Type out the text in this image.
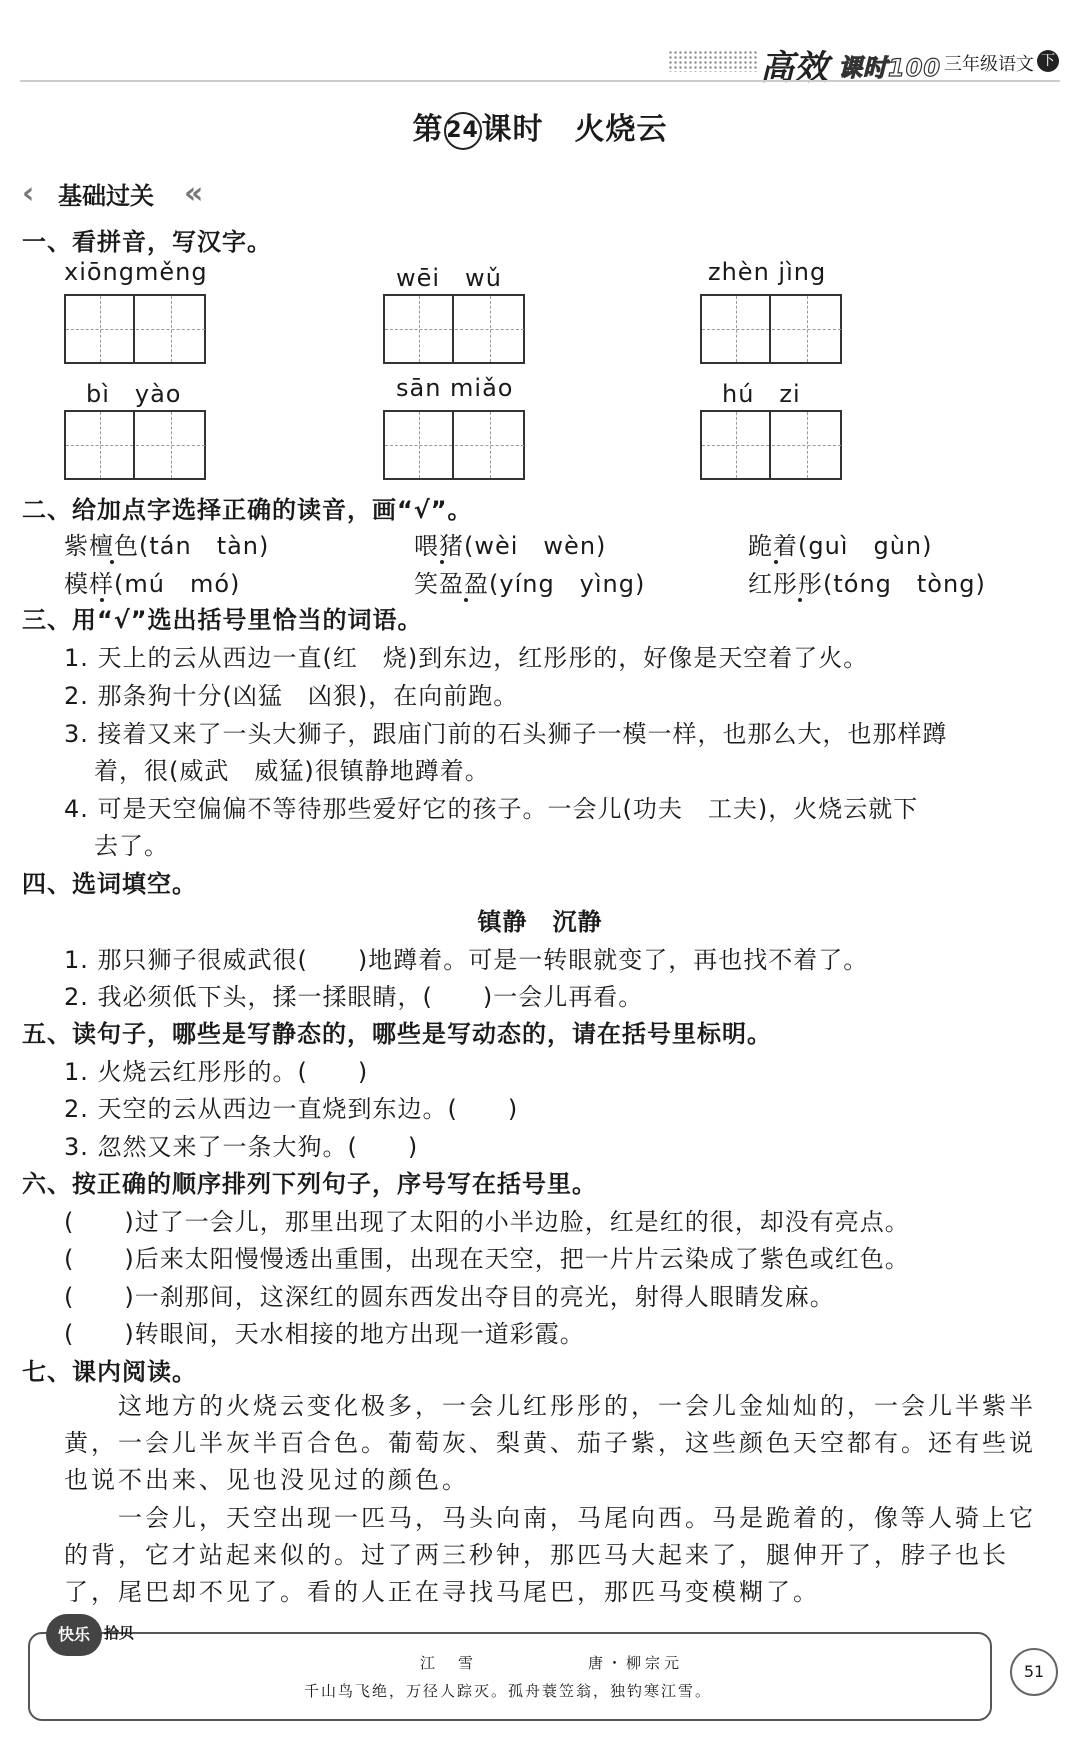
高效 课时100 三年级语文 下
第 24课时　火烧云
‹ 基础过关 «
一、看拼音，写汉字。
xiōngměng	wēi　wǔ	zhèn jìng
bì　yào	sān miǎo	hú　zi
二、给加点字选择正确的读音，画“√”。
紫檀色(tán　tàn)	喂猪(wèi　wèn)	跪着(guì　gùn)
模样(mú　mó)	笑盈盈(yíng　yìng)	红彤彤(tóng　tòng)
三、用“√”选出括号里恰当的词语。
1. 天上的云从西边一直(红　烧)到东边，红彤彤的，好像是天空着了火。
2. 那条狗十分(凶猛　凶狠)，在向前跑。
3. 接着又来了一头大狮子，跟庙门前的石头狮子一模一样，也那么大，也那样蹲
着，很(威武　威猛)很镇静地蹲着。
4. 可是天空偏偏不等待那些爱好它的孩子。一会儿(功夫　工夫)，火烧云就下
去了。
四、选词填空。
镇静　沉静
1. 那只狮子很威武很(　　)地蹲着。可是一转眼就变了，再也找不着了。
2. 我必须低下头，揉一揉眼睛，(　　)一会儿再看。
五、读句子，哪些是写静态的，哪些是写动态的，请在括号里标明。
1. 火烧云红彤彤的。(　　)
2. 天空的云从西边一直烧到东边。(　　)
3. 忽然又来了一条大狗。(　　)
六、按正确的顺序排列下列句子，序号写在括号里。
(　　)过了一会儿，那里出现了太阳的小半边脸，红是红的很，却没有亮点。
(　　)后来太阳慢慢透出重围，出现在天空，把一片片云染成了紫色或红色。
(　　)一刹那间，这深红的圆东西发出夺目的亮光，射得人眼睛发麻。
(　　)转眼间，天水相接的地方出现一道彩霞。
七、课内阅读。
　　这地方的火烧云变化极多，一会儿红彤彤的，一会儿金灿灿的，一会儿半紫半黄，一会儿半灰半百合色。葡萄灰、梨黄、茄子紫，这些颜色天空都有。还有些说也说不出来、见也没见过的颜色。
　　一会儿，天空出现一匹马，马头向南，马尾向西。马是跪着的，像等人骑上它的背，它才站起来似的。过了两三秒钟，那匹马大起来了，腿伸开了，脖子也长了，尾巴却不见了。看的人正在寻找马尾巴，那匹马变模糊了。
快乐 拾贝
江　雪	唐・柳宗元
千山鸟飞绝，万径人踪灭。孤舟蓑笠翁，独钓寒江雪。
51
